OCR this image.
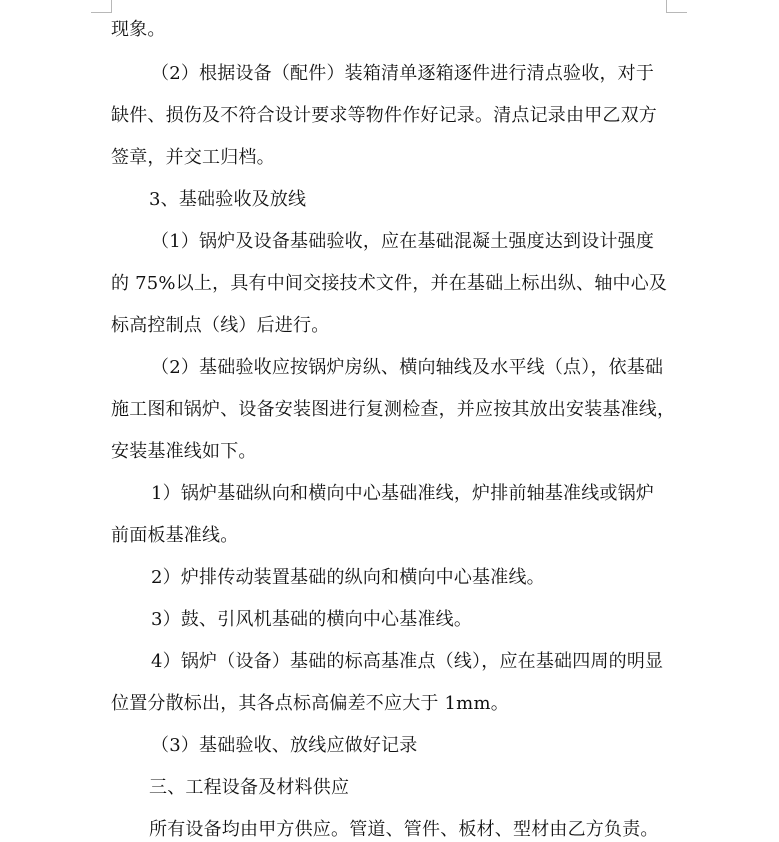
现象。

（2）根据设备（配件）装箱清单逐箱逐件进行清点验收，对于

缺件、损伤及不符合设计要求等物件作好记录。清点记录由甲乙双方

签章，并交工归档。

3、基础验收及放线

（1）锅炉及设备基础验收，应在基础混凝土强度达到设计强度

的 75%以上，具有中间交接技术文件，并在基础上标出纵、轴中心及

标高控制点（线）后进行。

（2）基础验收应按锅炉房纵、横向轴线及水平线（点），依基础

施工图和锅炉、设备安装图进行复测检查，并应按其放出安装基准线，

安装基准线如下。

1）锅炉基础纵向和横向中心基础准线，炉排前轴基准线或锅炉

前面板基准线。

2）炉排传动装置基础的纵向和横向中心基准线。

3）鼓、引风机基础的横向中心基准线。

4）锅炉（设备）基础的标高基准点（线），应在基础四周的明显

位置分散标出，其各点标高偏差不应大于 1mm。

（3）基础验收、放线应做好记录

三、工程设备及材料供应

所有设备均由甲方供应。管道、管件、板材、型材由乙方负责。
